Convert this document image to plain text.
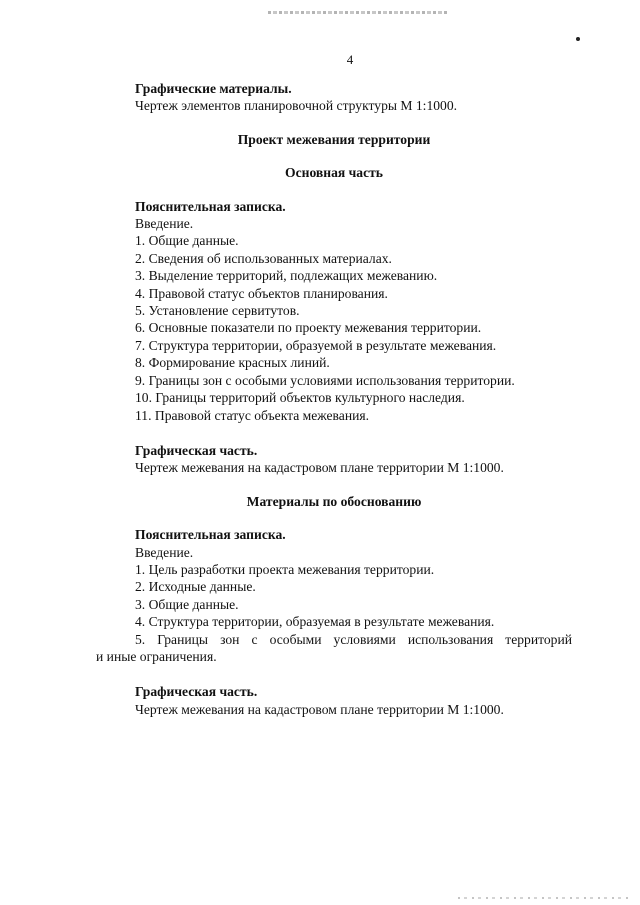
4
Графические материалы.
Чертеж элементов планировочной структуры М 1:1000.
Проект межевания территории
Основная часть
Пояснительная записка.
Введение.
1. Общие данные.
2. Сведения об использованных материалах.
3. Выделение территорий, подлежащих межеванию.
4. Правовой статус объектов планирования.
5. Установление сервитутов.
6. Основные показатели по проекту межевания территории.
7. Структура территории, образуемой в результате межевания.
8. Формирование красных линий.
9. Границы зон с особыми условиями использования территории.
10. Границы территорий объектов культурного наследия.
11. Правовой статус объекта межевания.
Графическая часть.
Чертеж межевания на кадастровом плане территории М 1:1000.
Материалы по обоснованию
Пояснительная записка.
Введение.
1. Цель разработки проекта межевания территории.
2. Исходные данные.
3. Общие данные.
4. Структура территории, образуемая в результате межевания.
5. Границы зон с особыми условиями использования территорий
и иные ограничения.
Графическая часть.
Чертеж межевания на кадастровом плане территории М 1:1000.
